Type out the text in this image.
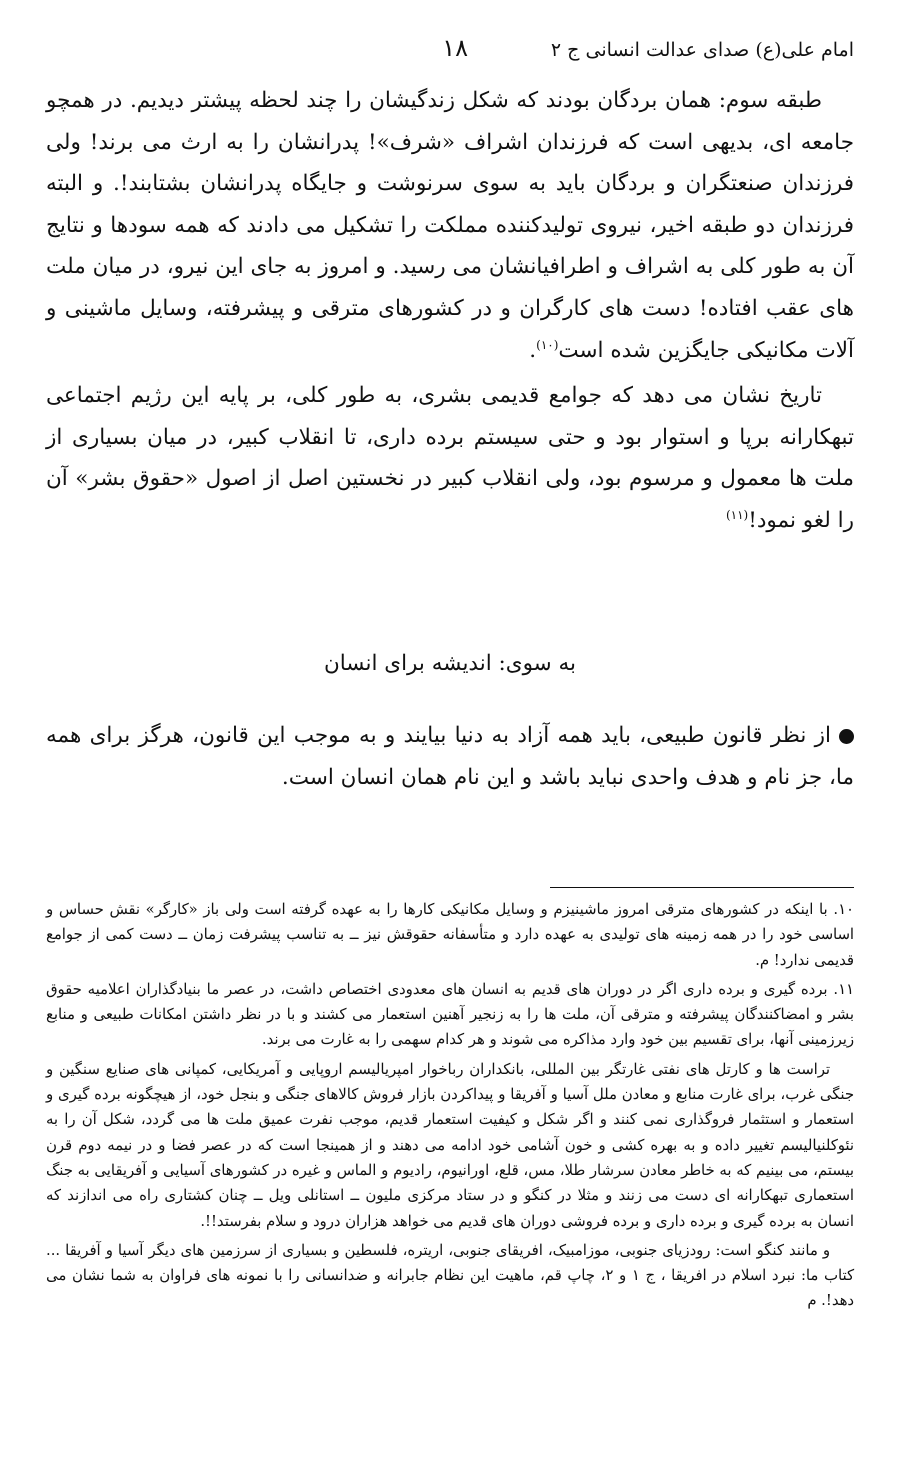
امام علی(ع) صدای عدالت انسانی ج ۲
۱۸

طبقه سوم: همان بردگان بودند که شکل زندگیشان را چند لحظه پیشتر دیدیم. در همچو جامعه ای، بدیهی است که فرزندان اشراف «شرف»! پدرانشان را به ارث می برند! ولی فرزندان صنعتگران و بردگان باید به سوی سرنوشت و جایگاه پدرانشان بشتابند!. و البته فرزندان دو طبقه اخیر، نیروی تولیدکننده مملکت را تشکیل می دادند که همه سودها و نتایج آن به طور کلی به اشراف و اطرافیانشان می رسید. و امروز به جای این نیرو، در میان ملت های عقب افتاده! دست های کارگران و در کشورهای مترقی و پیشرفته، وسایل ماشینی و آلات مکانیکی جایگزین شده است$^{(۱۰)}$.

تاریخ نشان می دهد که جوامع قدیمی بشری، به طور کلی، بر پایه این رژیم اجتماعی تبهکارانه برپا و استوار بود و حتی سیستم برده داری، تا انقلاب کبیر، در میان بسیاری از ملت ها معمول و مرسوم بود، ولی انقلاب کبیر در نخستین اصل از اصول «حقوق بشر» آن را لغو نمود!$^{(۱۱)}$

به سوی: اندیشه برای انسان
از نظر قانون طبیعی، باید همه آزاد به دنیا بیایند و به موجب این قانون، هرگز برای همه ما، جز نام و هدف واحدی نباید باشد و این نام همان انسان است.

۱۰. با اینکه در کشورهای مترقی امروز ماشینیزم و وسایل مکانیکی کارها را به عهده گرفته است ولی باز «کارگر» نقش حساس و اساسی خود را در همه زمینه های تولیدی به عهده دارد و متأسفانه حقوقش نیز ــ به تناسب پیشرفت زمان ــ دست کمی از جوامع قدیمی ندارد! م.

۱۱. برده گیری و برده داری اگر در دوران های قدیم به انسان های معدودی اختصاص داشت، در عصر ما بنیادگذاران اعلامیه حقوق بشر و امضاکنندگان پیشرفته و مترقی آن، ملت ها را به زنجیر آهنین استعمار می کشند و با در نظر داشتن امکانات طبیعی و منابع زیرزمینی آنها، برای تقسیم بین خود وارد مذاکره می شوند و هر کدام سهمی را به غارت می برند.

تراست ها و کارتل های نفتی غارتگر بین المللی، بانکداران رباخوار امپریالیسم اروپایی و آمریکایی، کمپانی های صنایع سنگین و جنگی غرب، برای غارت منابع و معادن ملل آسیا و آفریقا و پیداکردن بازار فروش کالاهای جنگی و بنجل خود، از هیچگونه برده گیری و استعمار و استثمار فروگذاری نمی کنند و اگر شکل و کیفیت استعمار قدیم، موجب نفرت عمیق ملت ها می گردد، شکل آن را به نئوکلنیالیسم تغییر داده و به بهره کشی و خون آشامی خود ادامه می دهند و از همینجا است که در عصر فضا و در نیمه دوم قرن بیستم، می بینیم که به خاطر معادن سرشار طلا، مس، قلع، اورانیوم، رادیوم و الماس و غیره در کشورهای آسیایی و آفریقایی به جنگ استعماری تبهکارانه ای دست می زنند و مثلا در کنگو و در ستاد مرکزی ملیون ــ استانلی ویل ــ چنان کشتاری راه می اندازند که انسان به برده گیری و برده داری و برده فروشی دوران های قدیم می خواهد هزاران درود و سلام بفرستد!!.

و مانند کنگو است: رودزیای جنوبی، موزامبیک، افریقای جنوبی، اریتره، فلسطین و بسیاری از سرزمین های دیگر آسیا و آفریقا ... کتاب ما: نبرد اسلام در افریقا ، ج ۱ و ۲، چاپ قم، ماهیت این نظام جابرانه و ضدانسانی را با نمونه های فراوان به شما نشان می دهد!. م
